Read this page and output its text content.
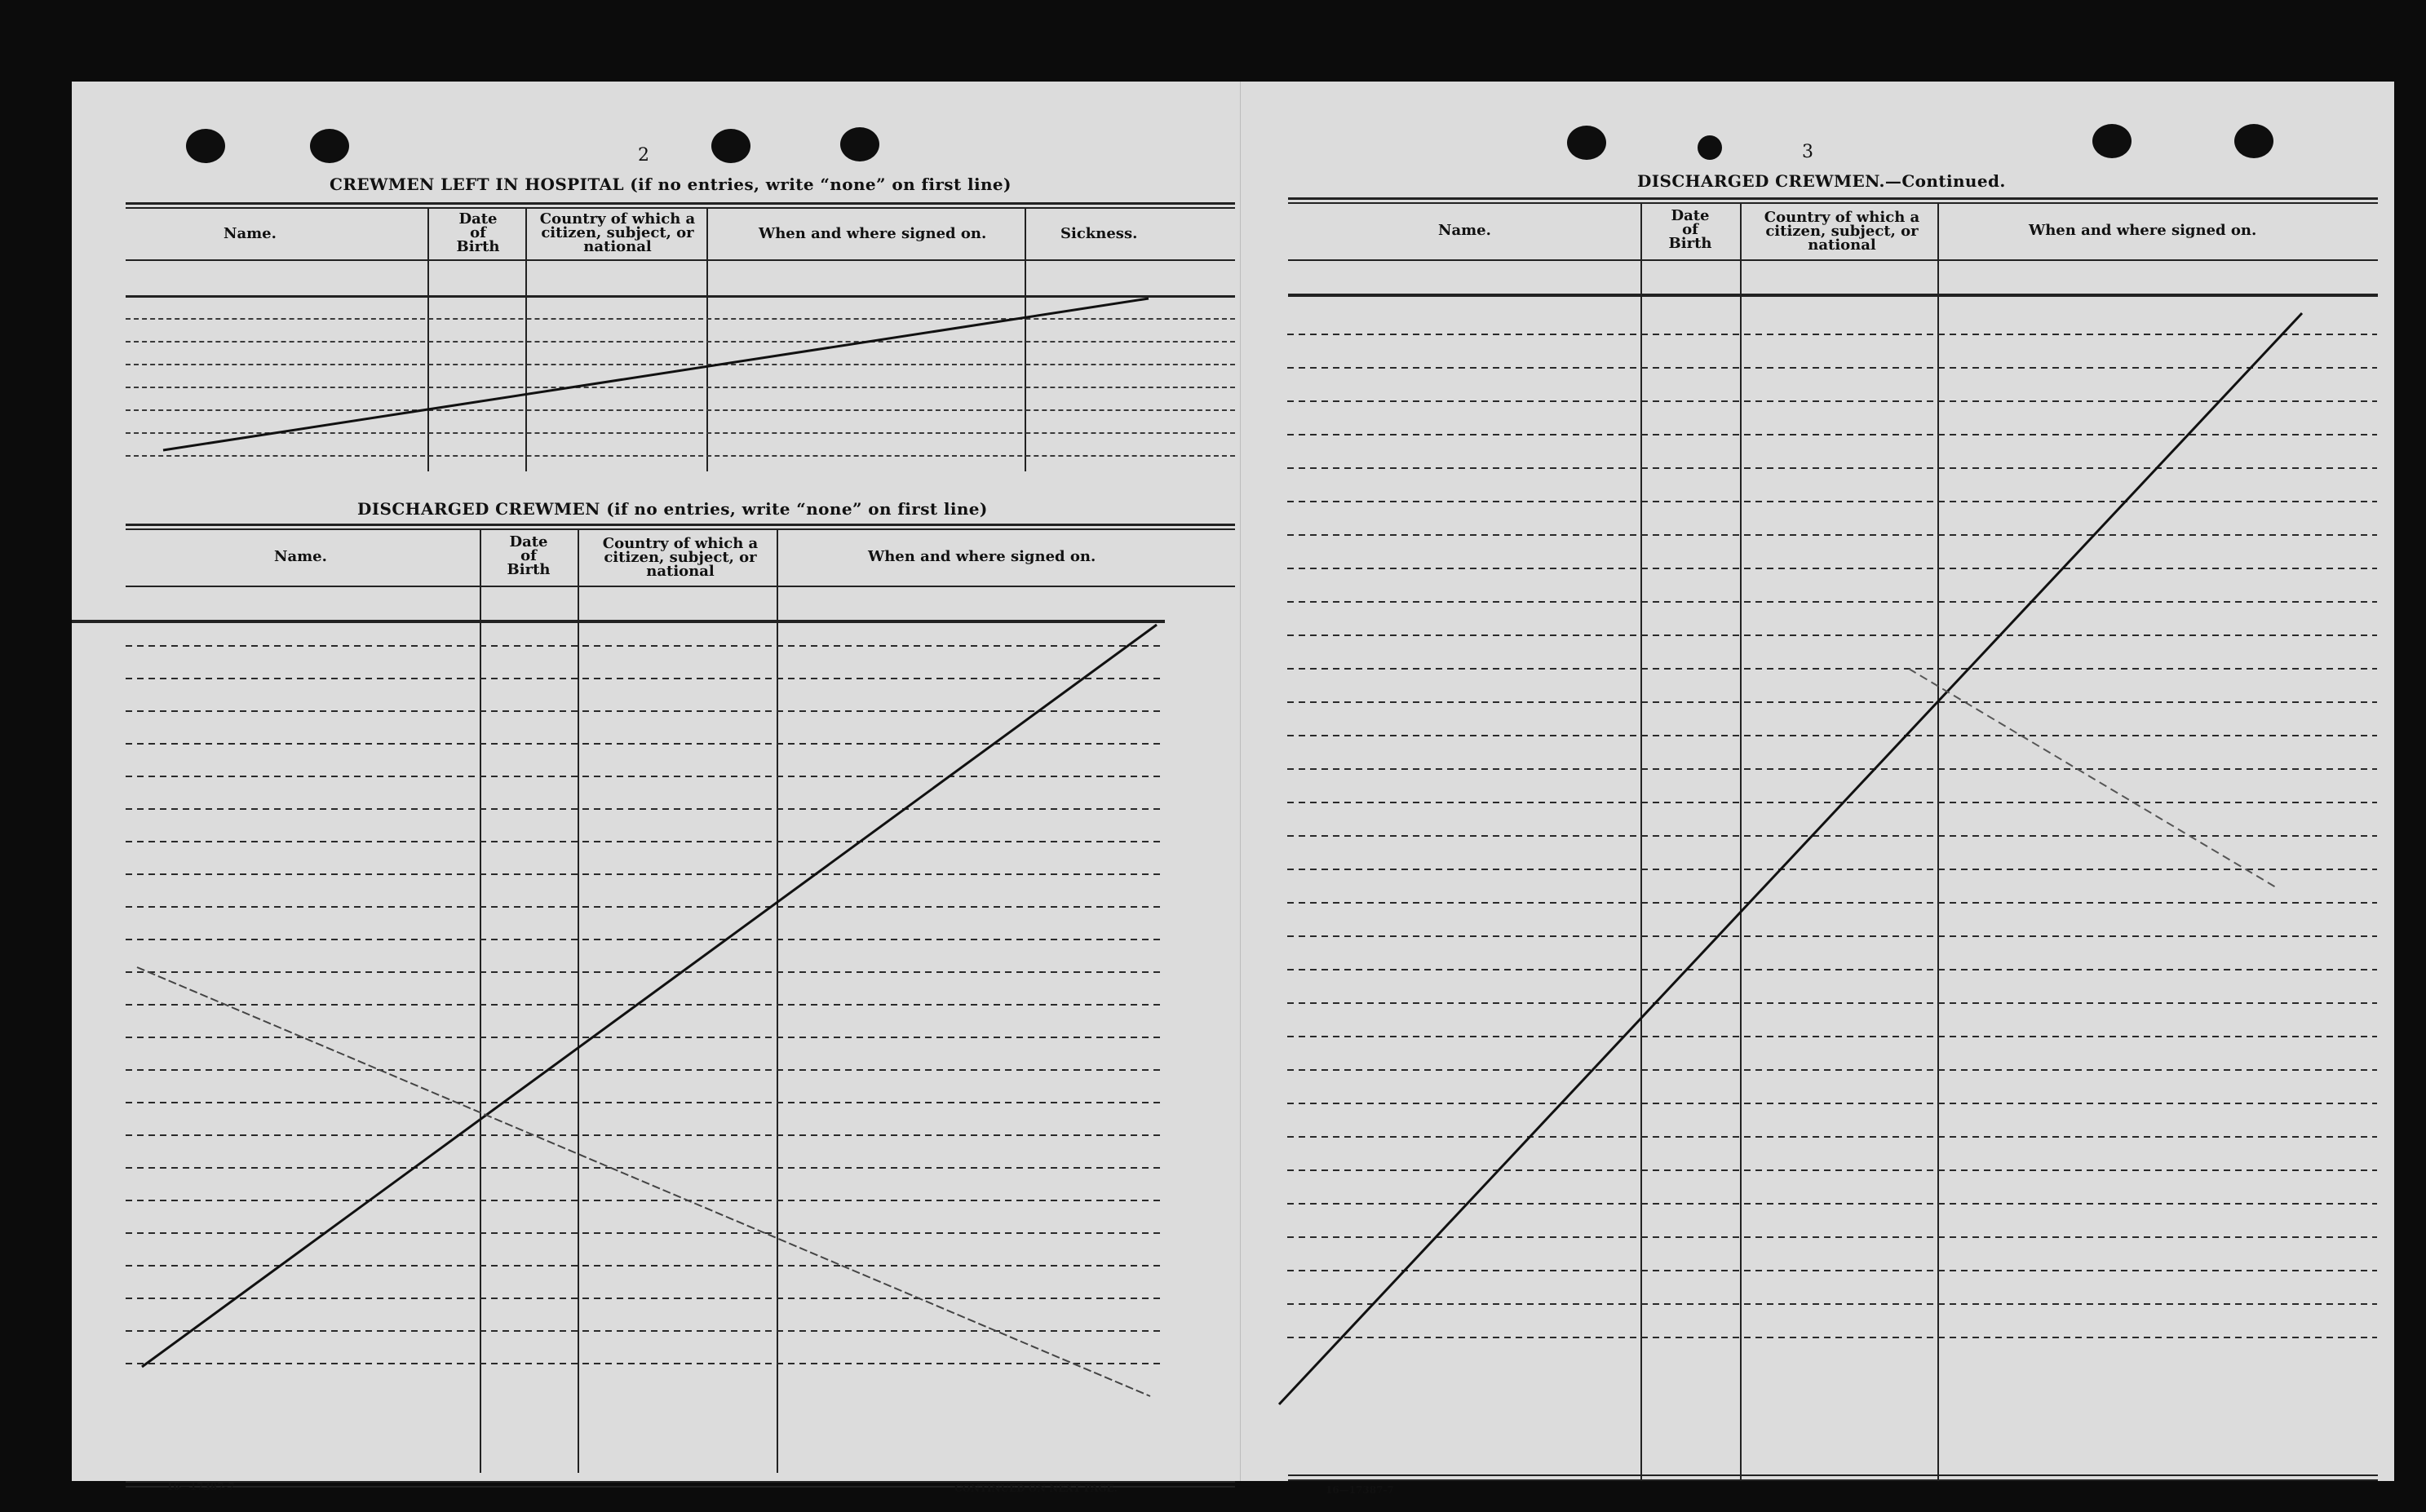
2
CREWMEN LEFT IN HOSPITAL (if no entries, write “none” on first line)
Name.
Date of Birth
Country of which a citizen, subject, or national
When and where signed on.	Sickness.
DISCHARGED CREWMEN (if no entries, write “none” on first line)
Name.
Date of Birth
Country of which a citizen, subject, or national
When and where signed on.
16—17387-7	CONTINUED ON NEXT PAGE.
3
DISCHARGED CREWMEN.—Continued.
Name.
Date of Birth
Country of which a citizen, subject, or national
When and where signed on.
16—17387-7
